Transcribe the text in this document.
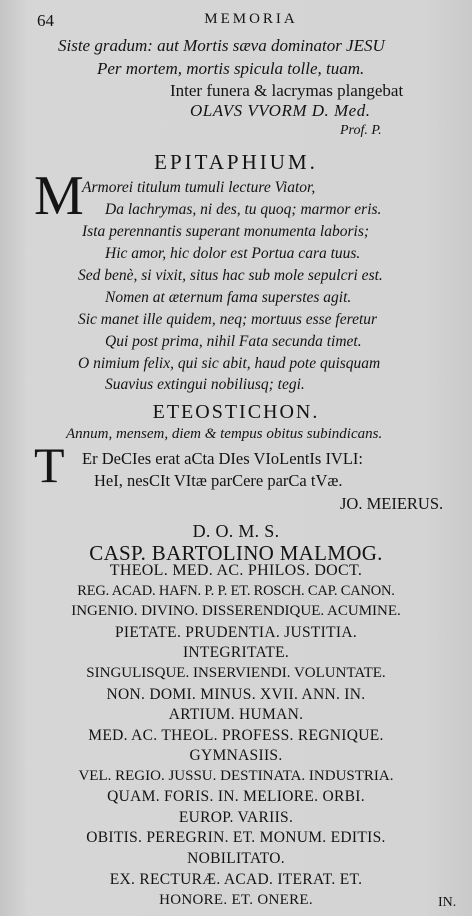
64	MEMORIA
Siste gradum: aut Mortis sæva dominator JESU
Per mortem, mortis spicula tolle, tuam.
Inter funera & lacrymas plangebat
OLAVS VVORM D. Med.
Prof. P.
EPITAPHIUM.
M
Armorei titulum tumuli lecture Viator,
Da lachrymas, ni des, tu quoq; marmor eris.
Ista perennantis superant monumenta laboris;
Hic amor, hic dolor est Portua cara tuus.
Sed benè, si vixit, situs hac sub mole sepulcri est.
Nomen at æternum fama superstes agit.
Sic manet ille quidem, neq; mortuus esse feretur
Qui post prima, nihil Fata secunda timet.
O nimium felix, qui sic abit, haud pote quisquam
Suavius extingui nobiliusq; tegi.
ETEOSTICHON.
Annum, mensem, diem & tempus obitus subindicans.
T Er DeCIes erat aCta DIes VIoLentIs IVLI:
HeI, nesCIt VItæ parCere parCa tVæ.
JO. MEIERUS.
D. O. M. S.
CASP. BARTOLINO MALMOG.
THEOL. MED. AC. PHILOS. DOCT.
REG. ACAD. HAFN. P. P. ET. ROSCH. CAP. CANON.
INGENIO. DIVINO. DISSERENDIQUE. ACUMINE.
PIETATE. PRUDENTIA. JUSTITIA.
INTEGRITATE.
SINGULISQUE. INSERVIENDI. VOLUNTATE.
NON. DOMI. MINUS. XVII. ANN. IN.
ARTIUM. HUMAN.
MED. AC. THEOL. PROFESS. REGNIQUE.
GYMNASIIS.
VEL. REGIO. JUSSU. DESTINATA. INDUSTRIA.
QUAM. FORIS. IN. MELIORE. ORBI.
EUROP. VARIIS.
OBITIS. PEREGRIN. ET. MONUM. EDITIS.
NOBILITATO.
EX. RECTURÆ. ACAD. ITERAT. ET.
HONORE. ET. ONERE.	IN.
